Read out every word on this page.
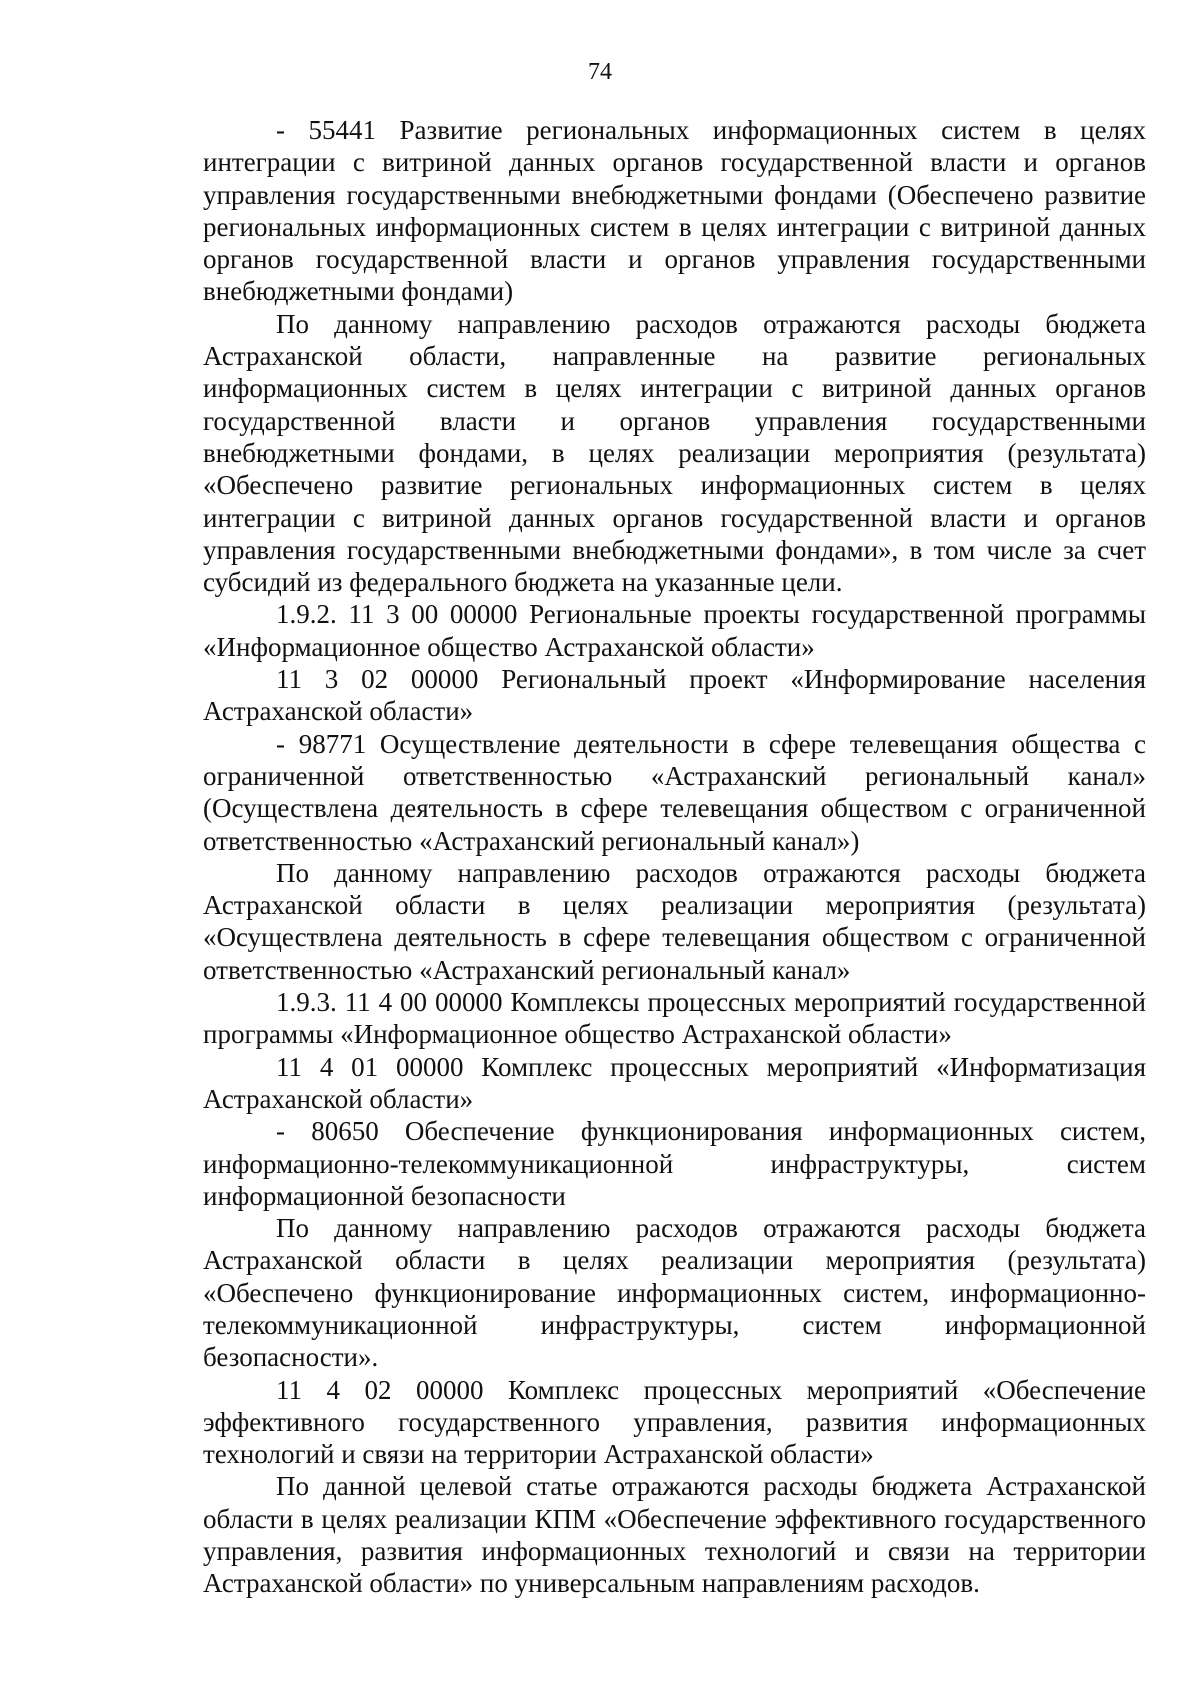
74

- 55441 Развитие региональных информационных систем в целях интеграции с витриной данных органов государственной власти и органов управления государственными внебюджетными фондами (Обеспечено развитие региональных информационных систем в целях интеграции с витриной данных органов государственной власти и органов управления государственными внебюджетными фондами)

По данному направлению расходов отражаются расходы бюджета Астраханской области, направленные на развитие региональных информационных систем в целях интеграции с витриной данных органов государственной власти и органов управления государственными внебюджетными фондами, в целях реализации мероприятия (результата) «Обеспечено развитие региональных информационных систем в целях интеграции с витриной данных органов государственной власти и органов управления государственными внебюджетными фондами», в том числе за счет субсидий из федерального бюджета на указанные цели.

1.9.2. 11 3 00 00000 Региональные проекты государственной программы «Информационное общество Астраханской области»

11 3 02 00000 Региональный проект «Информирование населения Астраханской области»

- 98771 Осуществление деятельности в сфере телевещания общества с ограниченной ответственностью «Астраханский региональный канал» (Осуществлена деятельность в сфере телевещания обществом с ограниченной ответственностью «Астраханский региональный канал»)

По данному направлению расходов отражаются расходы бюджета Астраханской области в целях реализации мероприятия (результата) «Осуществлена деятельность в сфере телевещания обществом с ограниченной ответственностью «Астраханский региональный канал»

1.9.3. 11 4 00 00000 Комплексы процессных мероприятий государственной программы «Информационное общество Астраханской области»

11 4 01 00000 Комплекс процессных мероприятий «Информатизация Астраханской области»

- 80650 Обеспечение функционирования информационных систем, информационно-телекоммуникационной инфраструктуры, систем информационной безопасности

По данному направлению расходов отражаются расходы бюджета Астраханской области в целях реализации мероприятия (результата) «Обеспечено функционирование информационных систем, информационно-телекоммуникационной инфраструктуры, систем информационной безопасности».

11 4 02 00000 Комплекс процессных мероприятий «Обеспечение эффективного государственного управления, развития информационных технологий и связи на территории Астраханской области»

По данной целевой статье отражаются расходы бюджета Астраханской области в целях реализации КПМ «Обеспечение эффективного государственного управления, развития информационных технологий и связи на территории Астраханской области» по универсальным направлениям расходов.
